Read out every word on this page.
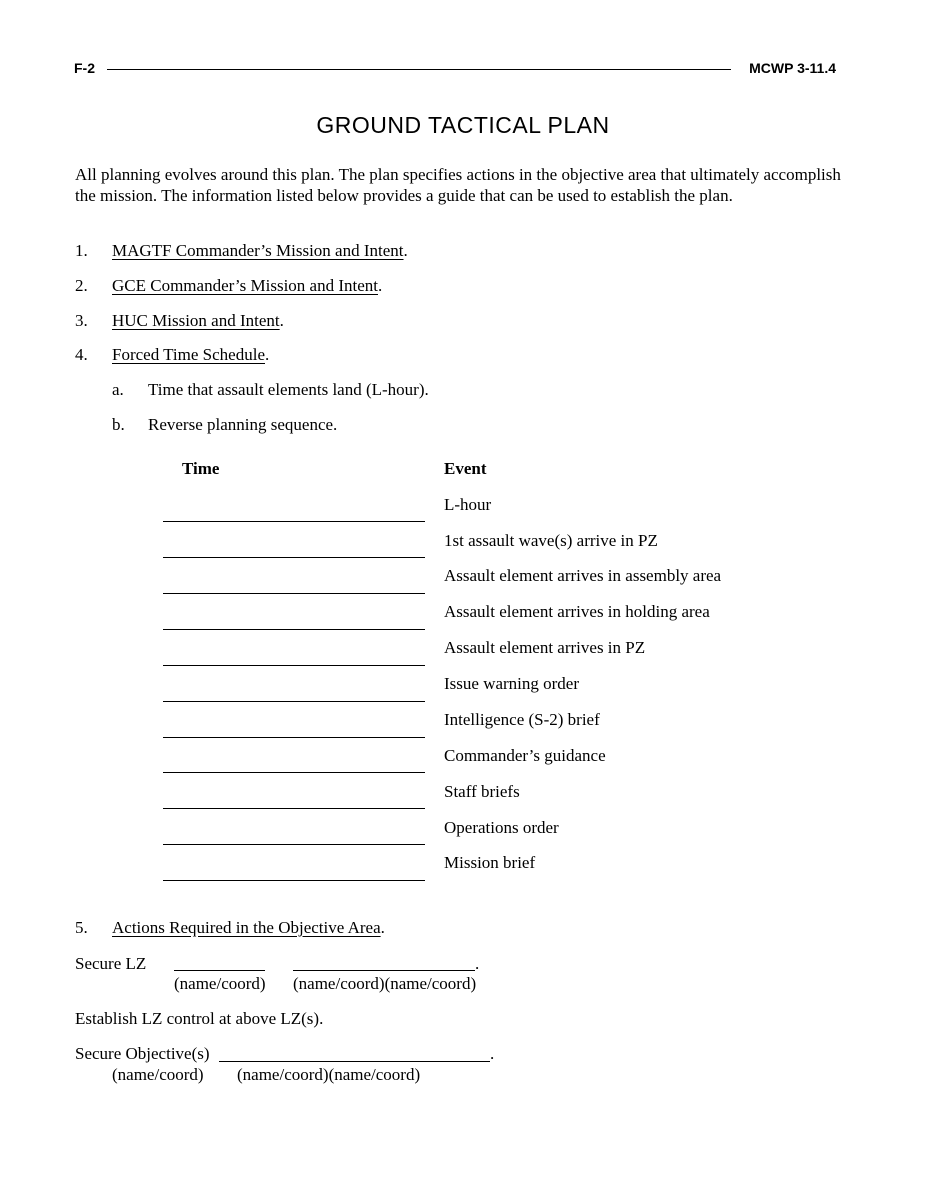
F-2	MCWP 3-11.4
GROUND TACTICAL PLAN
All planning evolves around this plan. The plan specifies actions in the objective area that ultimately accomplish the mission. The information listed below provides a guide that can be used to establish the plan.
1. MAGTF Commander’s Mission and Intent.
2. GCE Commander’s Mission and Intent.
3. HUC Mission and Intent.
4. Forced Time Schedule.
a. Time that assault elements land (L-hour).
b. Reverse planning sequence.
Time	Event
L-hour
1st assault wave(s) arrive in PZ
Assault element arrives in assembly area
Assault element arrives in holding area
Assault element arrives in PZ
Issue warning order
Intelligence (S-2) brief
Commander’s guidance
Staff briefs
Operations order
Mission brief
5. Actions Required in the Objective Area.
Secure LZ	.
(name/coord) (name/coord)(name/coord)
Establish LZ control at above LZ(s).
Secure Objective(s)	.
(name/coord) (name/coord)(name/coord)
